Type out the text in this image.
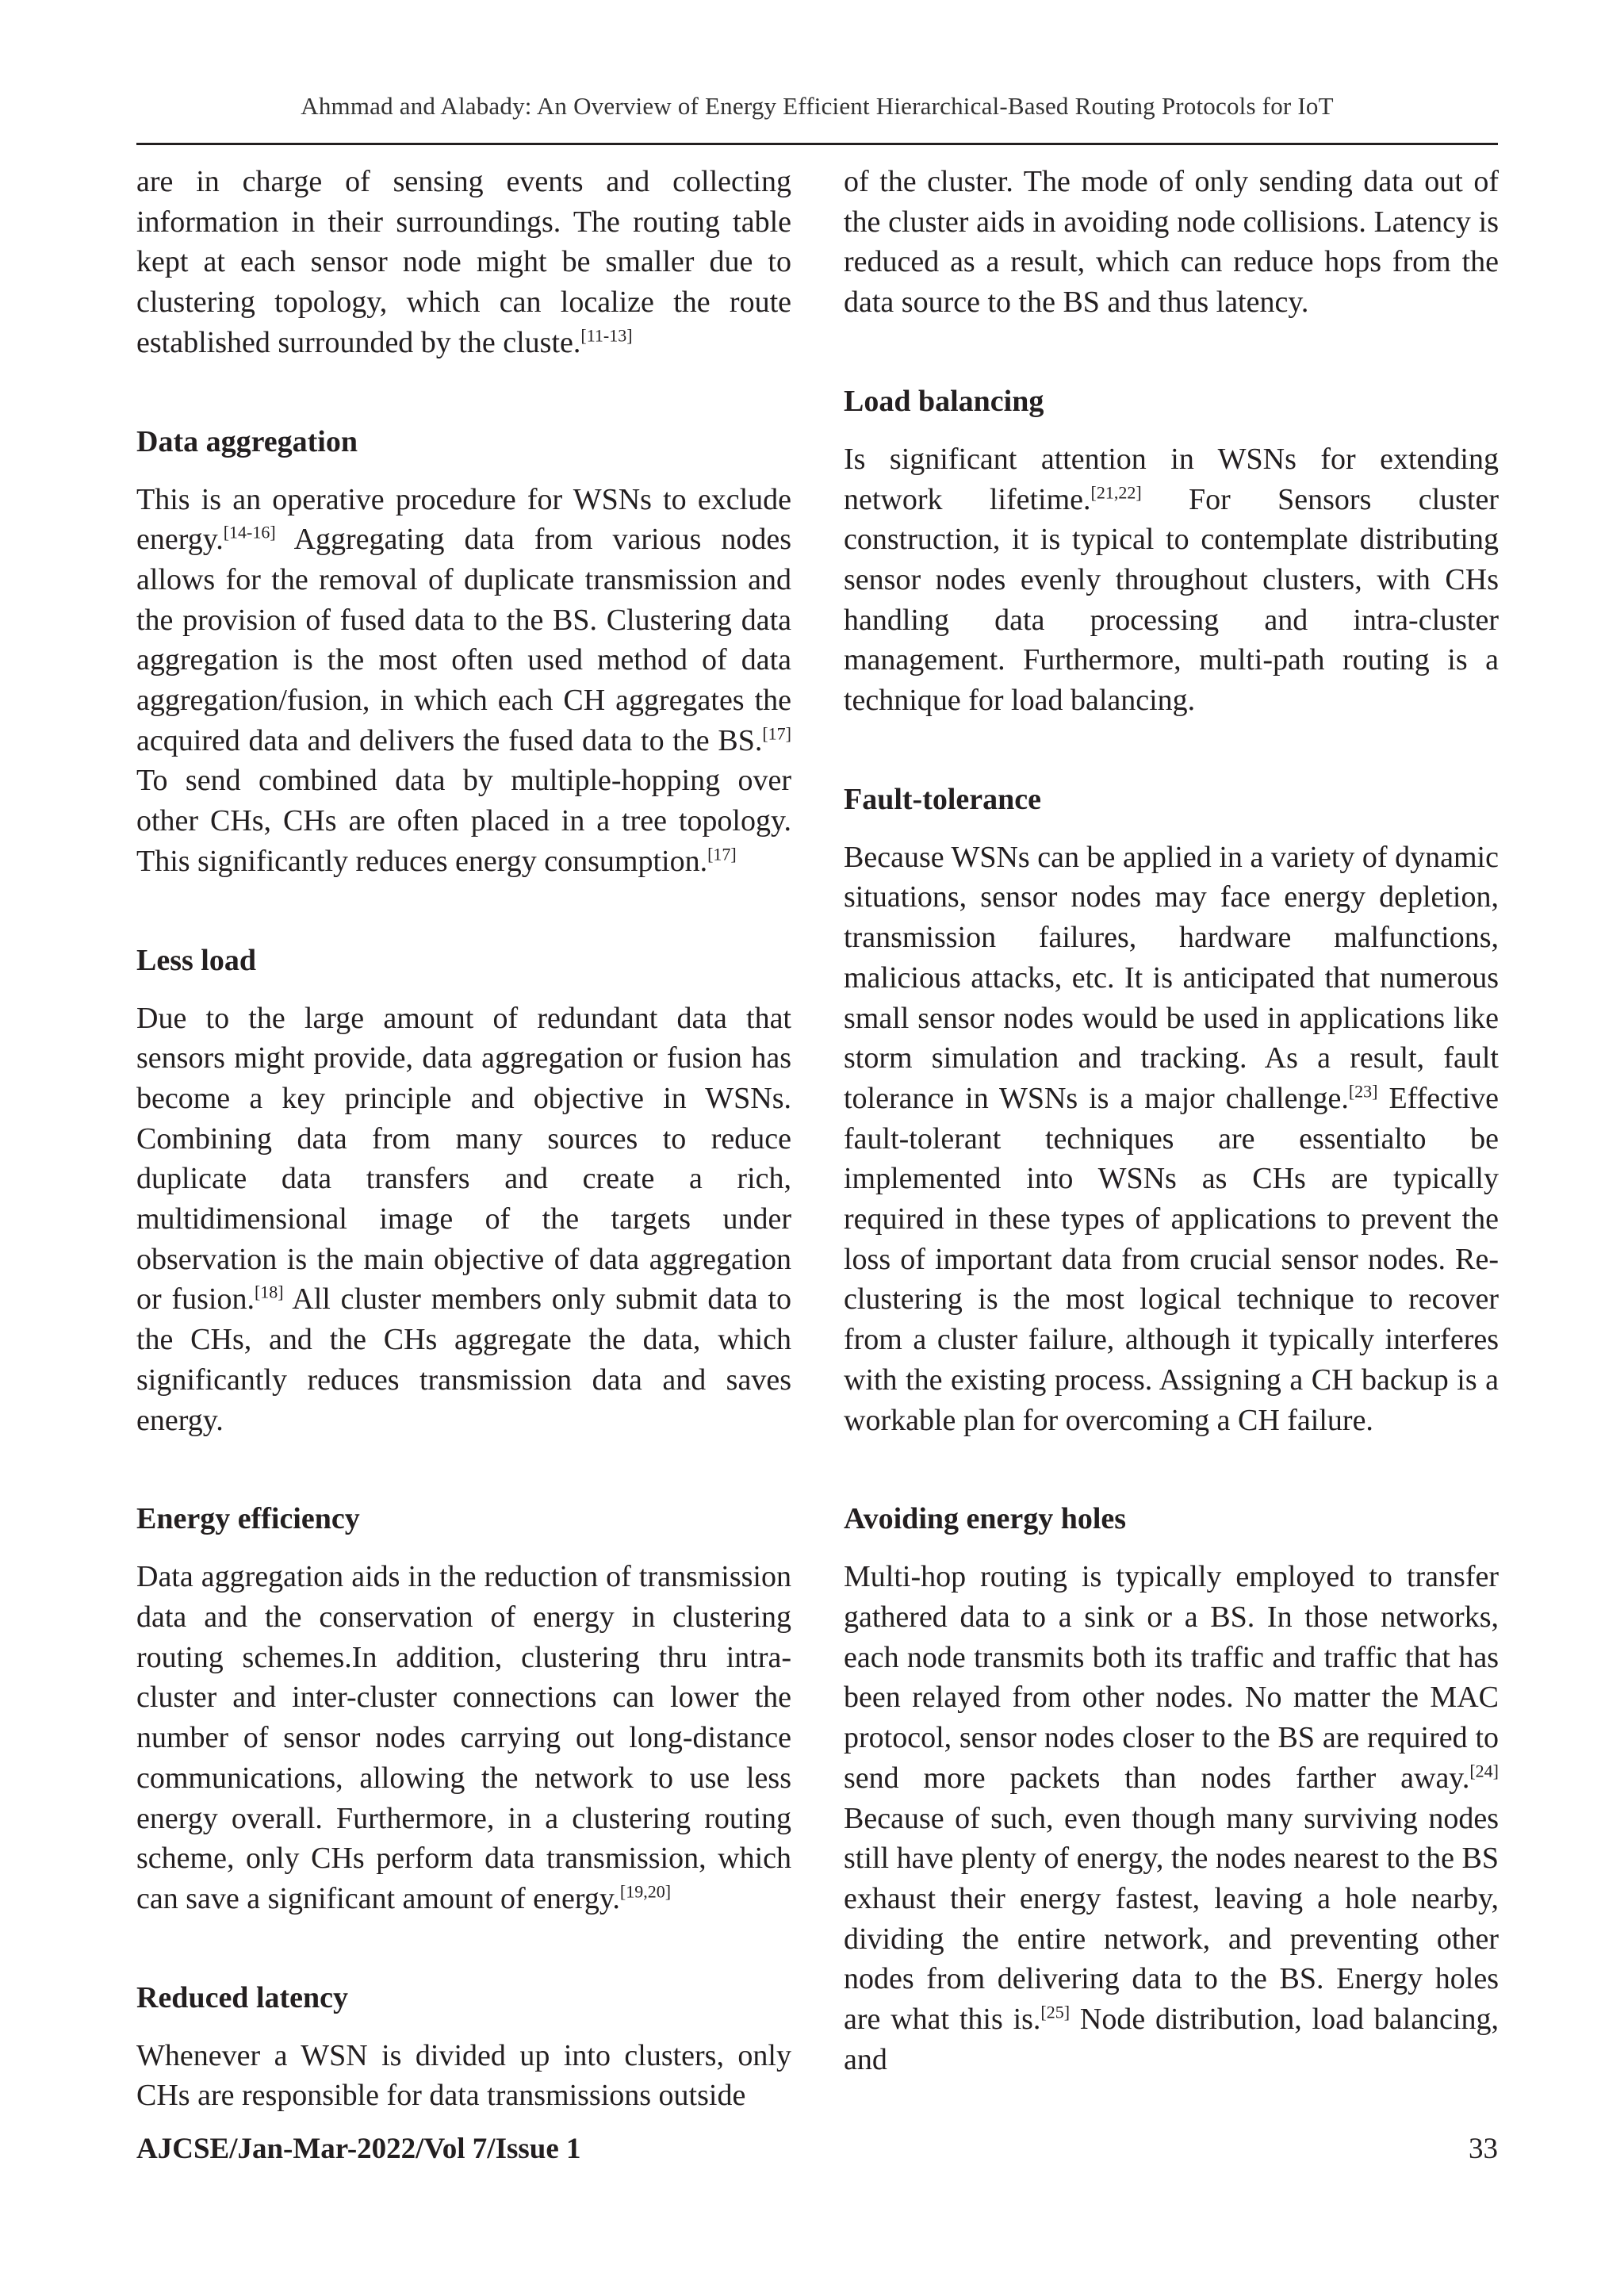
Ahmmad and Alabady: An Overview of Energy Efficient Hierarchical-Based Routing Protocols for IoT

are in charge of sensing events and collecting information in their surroundings. The routing table kept at each sensor node might be smaller due to clustering topology, which can localize the route established surrounded by the cluste.[11-13]

Data aggregation

This is an operative procedure for WSNs to exclude energy.[14-16] Aggregating data from various nodes allows for the removal of duplicate transmission and the provision of fused data to the BS. Clustering data aggregation is the most often used method of data aggregation/fusion, in which each CH aggregates the acquired data and delivers the fused data to the BS.[17] To send combined data by multiple-hopping over other CHs, CHs are often placed in a tree topology. This significantly reduces energy consumption.[17]

Less load

Due to the large amount of redundant data that sensors might provide, data aggregation or fusion has become a key principle and objective in WSNs. Combining data from many sources to reduce duplicate data transfers and create a rich, multidimensional image of the targets under observation is the main objective of data aggregation or fusion.[18] All cluster members only submit data to the CHs, and the CHs aggregate the data, which significantly reduces transmission data and saves energy.

Energy efficiency

Data aggregation aids in the reduction of transmission data and the conservation of energy in clustering routing schemes.In addition, clustering thru intra-cluster and inter-cluster connections can lower the number of sensor nodes carrying out long-distance communications, allowing the network to use less energy overall. Furthermore, in a clustering routing scheme, only CHs perform data transmission, which can save a significant amount of energy.[19,20]

Reduced latency

Whenever a WSN is divided up into clusters, only CHs are responsible for data transmissions outside

of the cluster. The mode of only sending data out of the cluster aids in avoiding node collisions. Latency is reduced as a result, which can reduce hops from the data source to the BS and thus latency.

Load balancing

Is significant attention in WSNs for extending network lifetime.[21,22] For Sensors cluster construction, it is typical to contemplate distributing sensor nodes evenly throughout clusters, with CHs handling data processing and intra-cluster management. Furthermore, multi-path routing is a technique for load balancing.

Fault-tolerance

Because WSNs can be applied in a variety of dynamic situations, sensor nodes may face energy depletion, transmission failures, hardware malfunctions, malicious attacks, etc. It is anticipated that numerous small sensor nodes would be used in applications like storm simulation and tracking. As a result, fault tolerance in WSNs is a major challenge.[23] Effective fault-tolerant techniques are essentialto be implemented into WSNs as CHs are typically required in these types of applications to prevent the loss of important data from crucial sensor nodes. Re-clustering is the most logical technique to recover from a cluster failure, although it typically interferes with the existing process. Assigning a CH backup is a workable plan for overcoming a CH failure.

Avoiding energy holes

Multi-hop routing is typically employed to transfer gathered data to a sink or a BS. In those networks, each node transmits both its traffic and traffic that has been relayed from other nodes. No matter the MAC protocol, sensor nodes closer to the BS are required to send more packets than nodes farther away.[24] Because of such, even though many surviving nodes still have plenty of energy, the nodes nearest to the BS exhaust their energy fastest, leaving a hole nearby, dividing the entire network, and preventing other nodes from delivering data to the BS. Energy holes are what this is.[25] Node distribution, load balancing, and

AJCSE/Jan-Mar-2022/Vol 7/Issue 1	33
